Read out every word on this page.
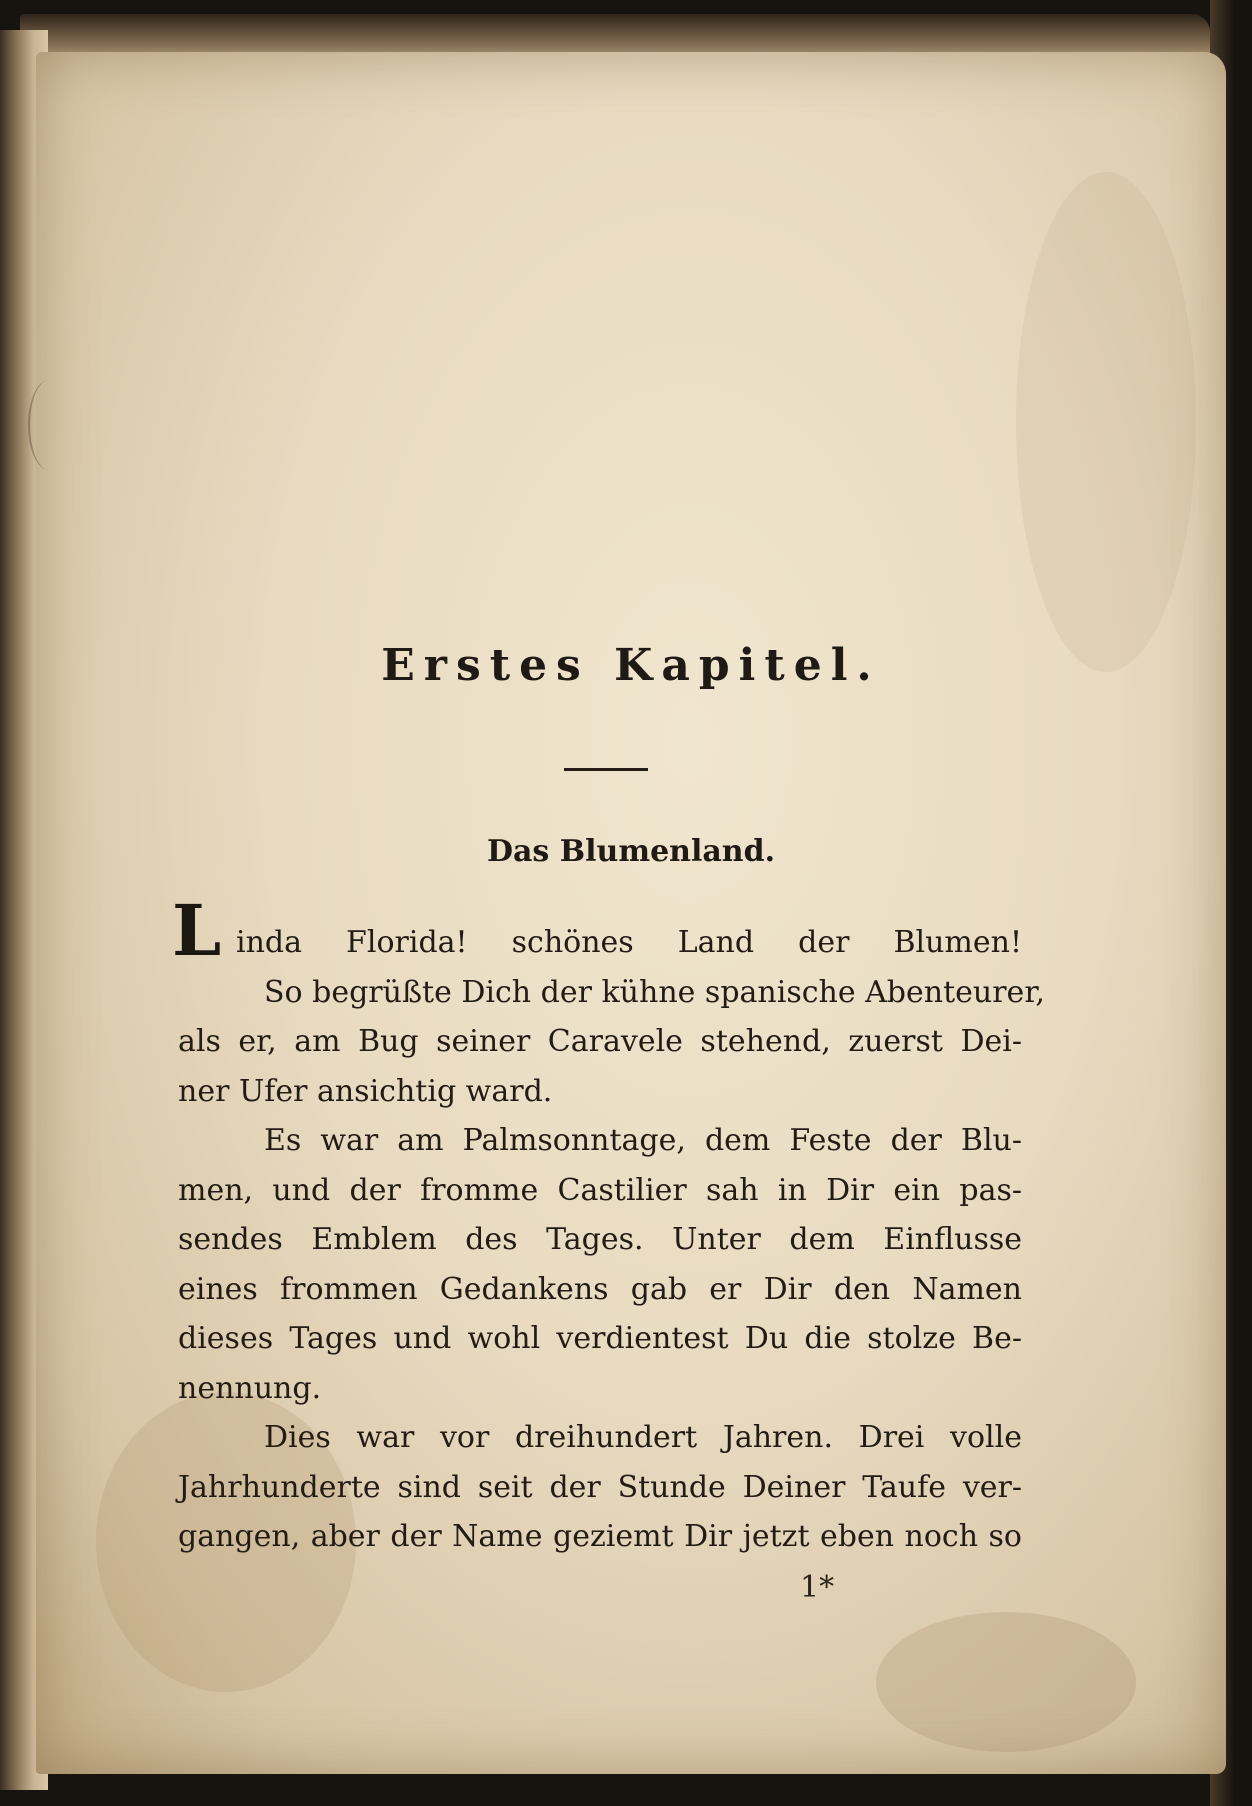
Erstes Kapitel.
Das Blumenland.
L inda Florida! schönes Land der Blumen!
So begrüßte Dich der kühne spanische Abenteurer,
als er, am Bug seiner Caravele stehend, zuerst Dei-
ner Ufer ansichtig ward.
Es war am Palmsonntage, dem Feste der Blu-
men, und der fromme Castilier sah in Dir ein pas-
sendes Emblem des Tages. Unter dem Einflusse
eines frommen Gedankens gab er Dir den Namen
dieses Tages und wohl verdientest Du die stolze Be-
nennung.
Dies war vor dreihundert Jahren. Drei volle
Jahrhunderte sind seit der Stunde Deiner Taufe ver-
gangen, aber der Name geziemt Dir jetzt eben noch so
1*
